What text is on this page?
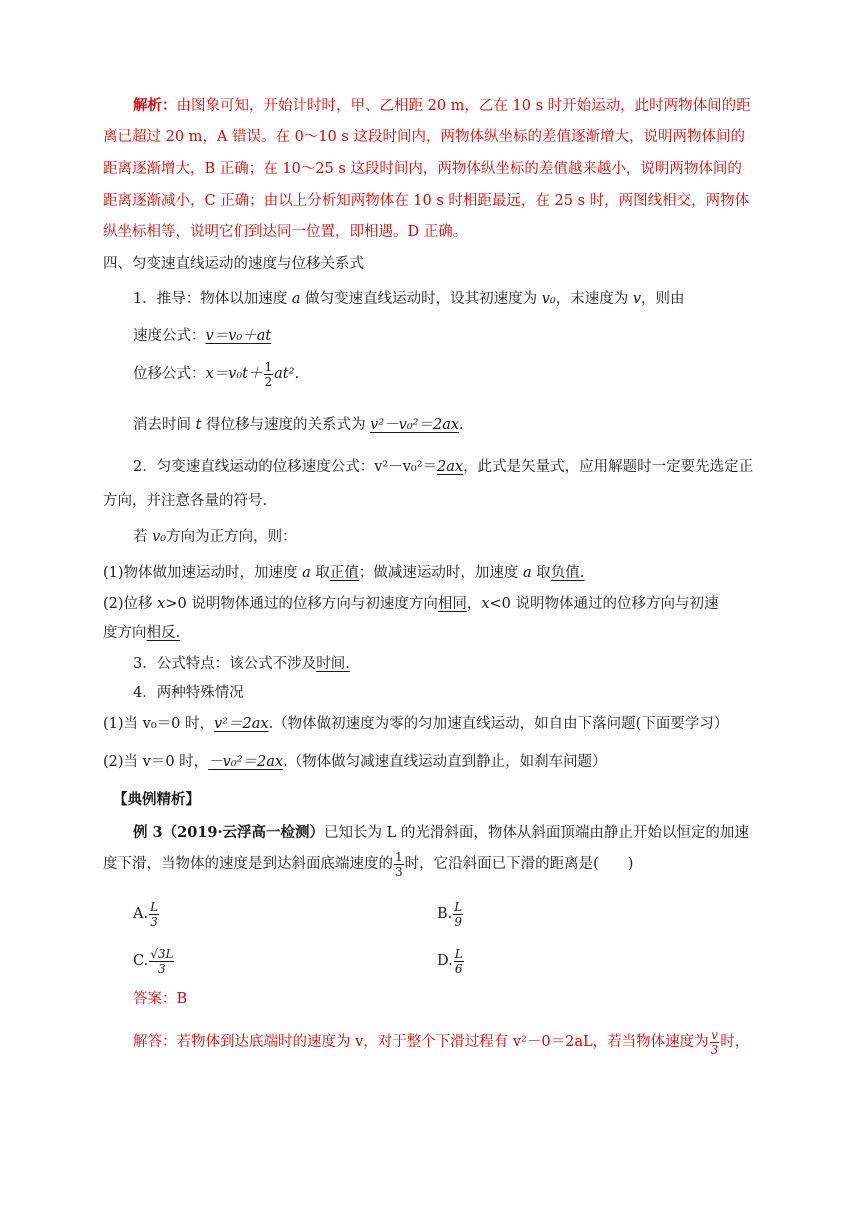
解析：由图象可知，开始计时时，甲、乙相距 20 m，乙在 10 s 时开始运动，此时两物体间的距
离已超过 20 m，A 错误。在 0～10 s 这段时间内，两物体纵坐标的差值逐渐增大，说明两物体间的
距离逐渐增大，B 正确；在 10～25 s 这段时间内，两物体纵坐标的差值越来越小，说明两物体间的
距离逐渐减小，C 正确；由以上分析知两物体在 10 s 时相距最远，在 25 s 时，两图线相交，两物体
纵坐标相等，说明它们到达同一位置，即相遇。D 正确。
四、匀变速直线运动的速度与位移关系式
1．推导：物体以加速度 a 做匀变速直线运动时，设其初速度为 v₀，末速度为 v，则由
速度公式：v＝v₀＋at
位移公式：$x=v_0t+ \frac{1}{2} at^2$.
消去时间 t 得位移与速度的关系式为 v²－v₀²＝2ax.
2．匀变速直线运动的位移速度公式：v²－v₀²＝2ax，此式是矢量式，应用解题时一定要先选定正
方向，并注意各量的符号.
若 v₀方向为正方向，则：
(1)物体做加速运动时，加速度 a 取正值；做减速运动时，加速度 a 取负值.
(2)位移 x>0 说明物体通过的位移方向与初速度方向相同，x<0 说明物体通过的位移方向与初速
度方向相反.
3．公式特点：该公式不涉及时间.
4．两种特殊情况
(1)当 v₀＝0 时，v²＝2ax.（物体做初速度为零的匀加速直线运动，如自由下落问题(下面要学习）
(2)当 v＝0 时，－v₀²＝2ax.（物体做匀减速直线运动直到静止，如刹车问题）
【典例精析】
例 3（2019·云浮高一检测）已知长为 L 的光滑斜面，物体从斜面顶端由静止开始以恒定的加速
度下滑，当物体的速度是到达斜面底端速度的 $\frac{1}{3}$ 时，它沿斜面已下滑的距离是(　　)
A. $\frac{L}{3}$	B. $\frac{L}{9}$
C. $\frac{√3L}{3}$	D. $\frac{L}{6}$
答案：B
解答：若物体到达底端时的速度为 v，对于整个下滑过程有 v²－0＝2aL，若当物体速度为 $\frac{v}{3}$ 时，
